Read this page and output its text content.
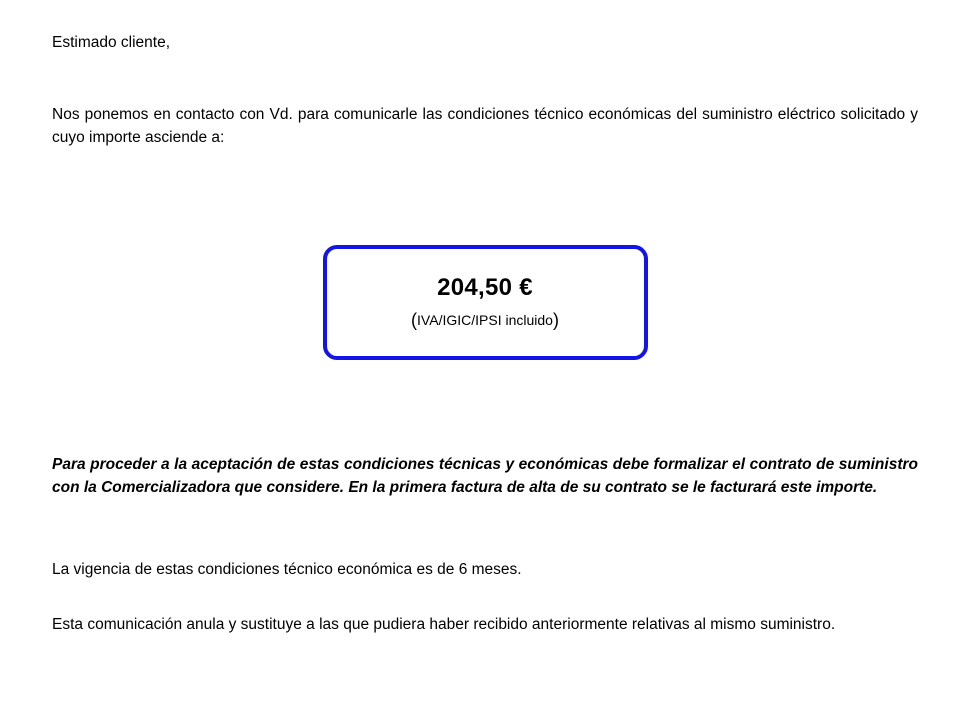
Estimado cliente,

Nos ponemos en contacto con Vd. para comunicarle las condiciones técnico económicas del suministro eléctrico solicitado y cuyo importe asciende a:

204,50 €
(IVA/IGIC/IPSI incluido)

Para proceder a la aceptación de estas condiciones técnicas y económicas debe formalizar el contrato de suministro con la Comercializadora que considere. En la primera factura de alta de su contrato se le facturará este importe.

La vigencia de estas condiciones técnico económica es de 6 meses.

Esta comunicación anula y sustituye a las que pudiera haber recibido anteriormente relativas al mismo suministro.
